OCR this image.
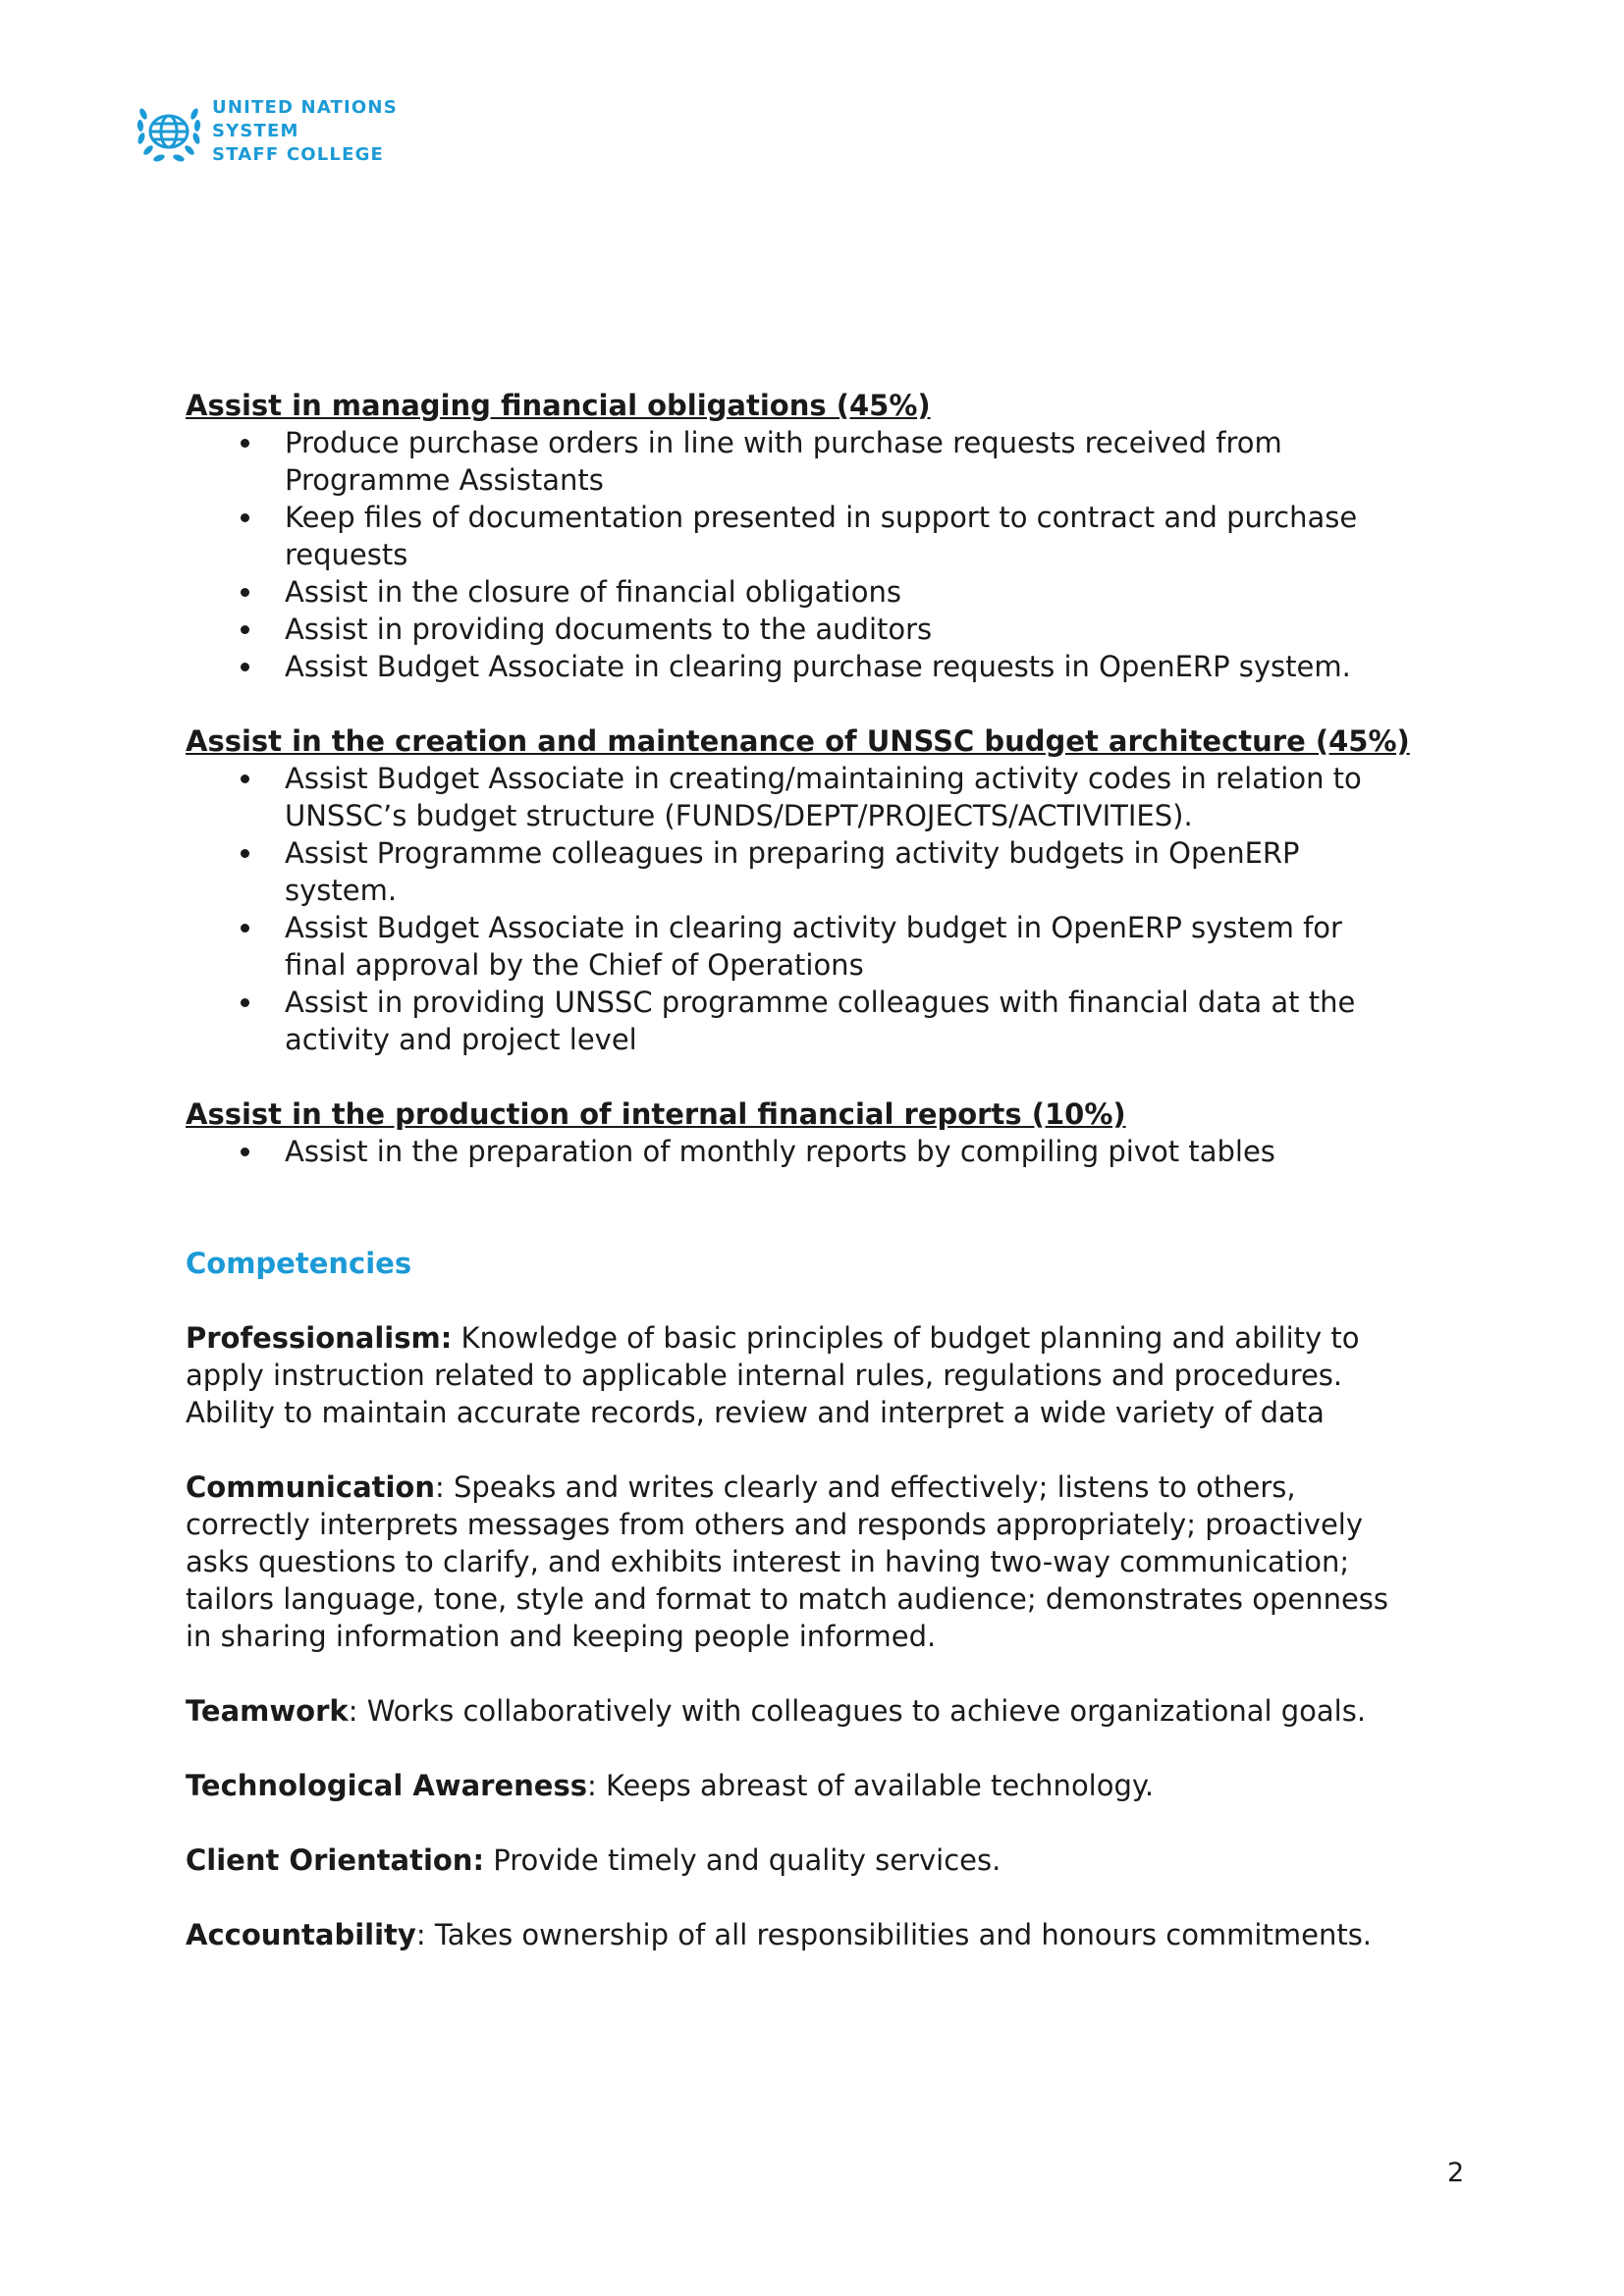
UNITED NATIONS
SYSTEM
STAFF COLLEGE

Assist in managing financial obligations (45%)

Produce purchase orders in line with purchase requests received from
Programme Assistants
Keep files of documentation presented in support to contract and purchase
requests
Assist in the closure of financial obligations
Assist in providing documents to the auditors
Assist Budget Associate in clearing purchase requests in OpenERP system.

Assist in the creation and maintenance of UNSSC budget architecture (45%)

Assist Budget Associate in creating/maintaining activity codes in relation to
UNSSC’s budget structure (FUNDS/DEPT/PROJECTS/ACTIVITIES).
Assist Programme colleagues in preparing activity budgets in OpenERP
system.
Assist Budget Associate in clearing activity budget in OpenERP system for
final approval by the Chief of Operations
Assist in providing UNSSC programme colleagues with financial data at the
activity and project level

Assist in the production of internal financial reports (10%)

Assist in the preparation of monthly reports by compiling pivot tables

Competencies

Professionalism: Knowledge of basic principles of budget planning and ability to
apply instruction related to applicable internal rules, regulations and procedures.
Ability to maintain accurate records, review and interpret a wide variety of data
Communication: Speaks and writes clearly and effectively; listens to others,
correctly interprets messages from others and responds appropriately; proactively
asks questions to clarify, and exhibits interest in having two-way communication;
tailors language, tone, style and format to match audience; demonstrates openness
in sharing information and keeping people informed.
Teamwork: Works collaboratively with colleagues to achieve organizational goals.
Technological Awareness: Keeps abreast of available technology.
Client Orientation: Provide timely and quality services.
Accountability: Takes ownership of all responsibilities and honours commitments.
2
